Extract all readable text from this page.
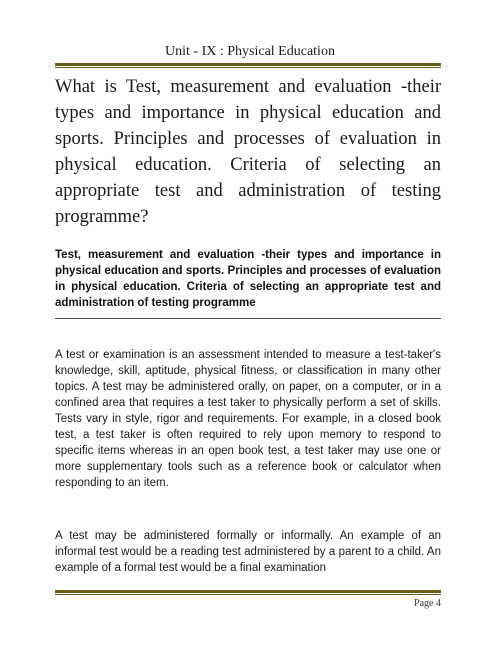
Unit - IX : Physical Education

What is Test, measurement and evaluation -their types and importance in physical education and sports. Principles and processes of evaluation in physical education. Criteria of selecting an appropriate test and administration of testing programme?

Test, measurement and evaluation -their types and importance in physical education and sports. Principles and processes of evaluation in physical education. Criteria of selecting an appropriate test and administration of testing programme

A test or examination is an assessment intended to measure a test-taker's knowledge, skill, aptitude, physical fitness, or classification in many other topics. A test may be administered orally, on paper, on a computer, or in a confined area that requires a test taker to physically perform a set of skills. Tests vary in style, rigor and requirements. For example, in a closed book test, a test taker is often required to rely upon memory to respond to specific items whereas in an open book test, a test taker may use one or more supplementary tools such as a reference book or calculator when responding to an item.

A test may be administered formally or informally. An example of an informal test would be a reading test administered by a parent to a child. An example of a formal test would be a final examination

Page 4
